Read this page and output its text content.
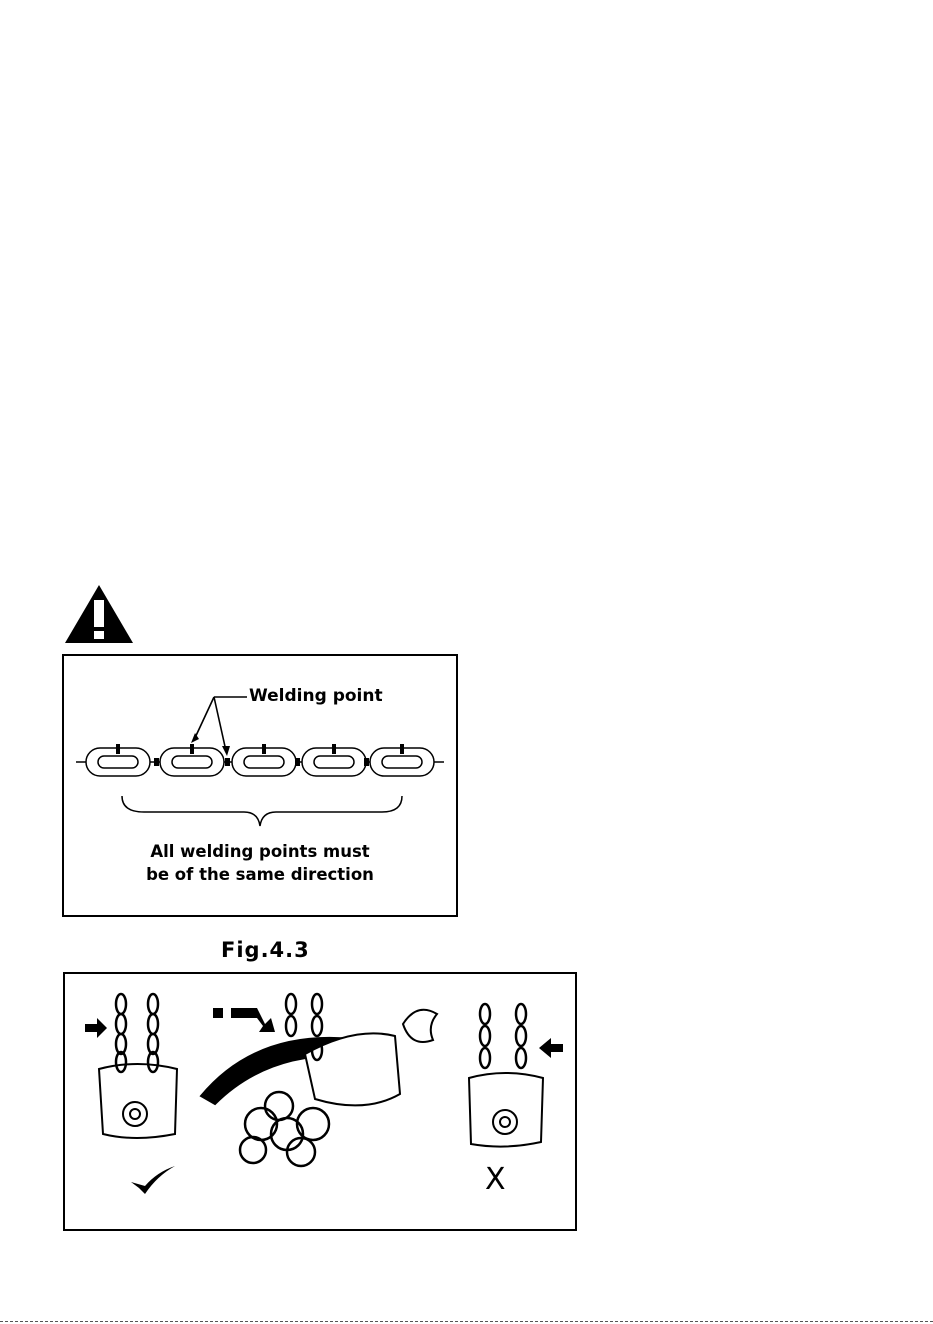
Welding point
All welding points must
be of the same direction
Fig.4.3
X
